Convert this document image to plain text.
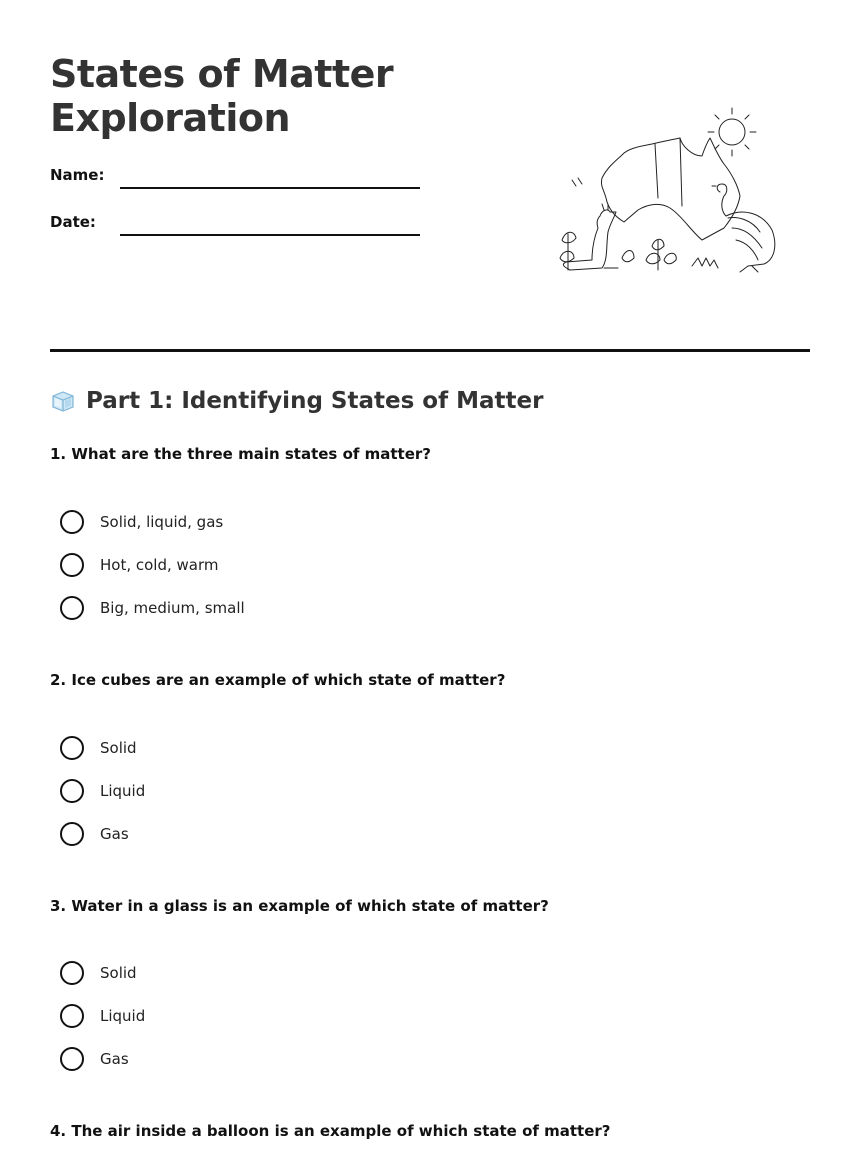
States of Matter
Exploration
Name:
Date:
Part 1: Identifying States of Matter

1. What are the three main states of matter?

Solid, liquid, gas
Hot, cold, warm
Big, medium, small

2. Ice cubes are an example of which state of matter?

Solid
Liquid
Gas

3. Water in a glass is an example of which state of matter?

Solid
Liquid
Gas

4. The air inside a balloon is an example of which state of matter?
